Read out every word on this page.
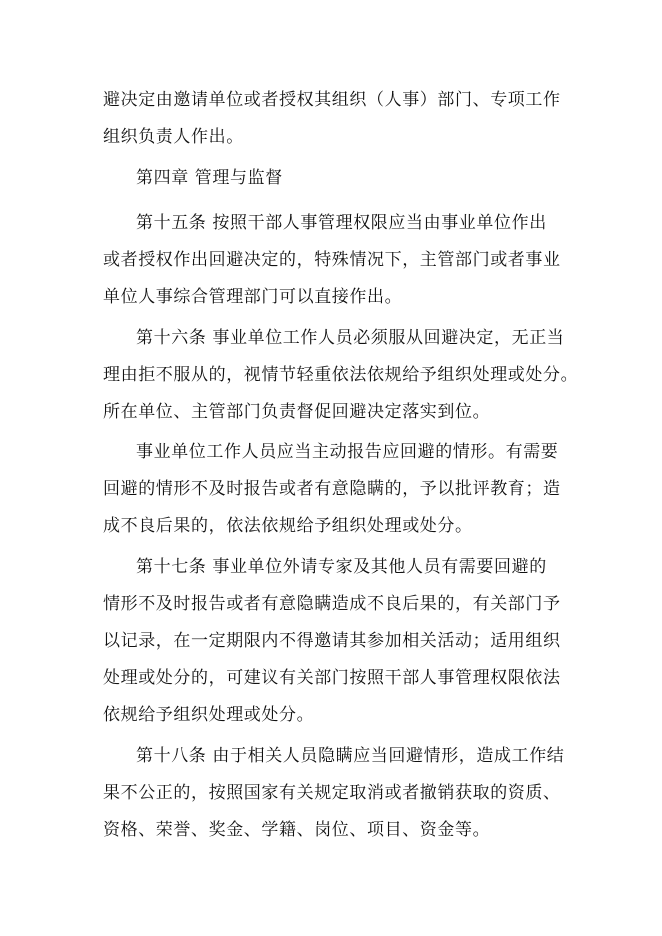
避决定由邀请单位或者授权其组织（人事）部门、专项工作
组织负责人作出。

第四章 管理与监督

第十五条 按照干部人事管理权限应当由事业单位作出
或者授权作出回避决定的，特殊情况下，主管部门或者事业
单位人事综合管理部门可以直接作出。

第十六条 事业单位工作人员必须服从回避决定，无正当
理由拒不服从的，视情节轻重依法依规给予组织处理或处分。
所在单位、主管部门负责督促回避决定落实到位。

事业单位工作人员应当主动报告应回避的情形。有需要
回避的情形不及时报告或者有意隐瞒的，予以批评教育；造
成不良后果的，依法依规给予组织处理或处分。

第十七条 事业单位外请专家及其他人员有需要回避的
情形不及时报告或者有意隐瞒造成不良后果的，有关部门予
以记录，在一定期限内不得邀请其参加相关活动；适用组织
处理或处分的，可建议有关部门按照干部人事管理权限依法
依规给予组织处理或处分。

第十八条 由于相关人员隐瞒应当回避情形，造成工作结
果不公正的，按照国家有关规定取消或者撤销获取的资质、
资格、荣誉、奖金、学籍、岗位、项目、资金等。
